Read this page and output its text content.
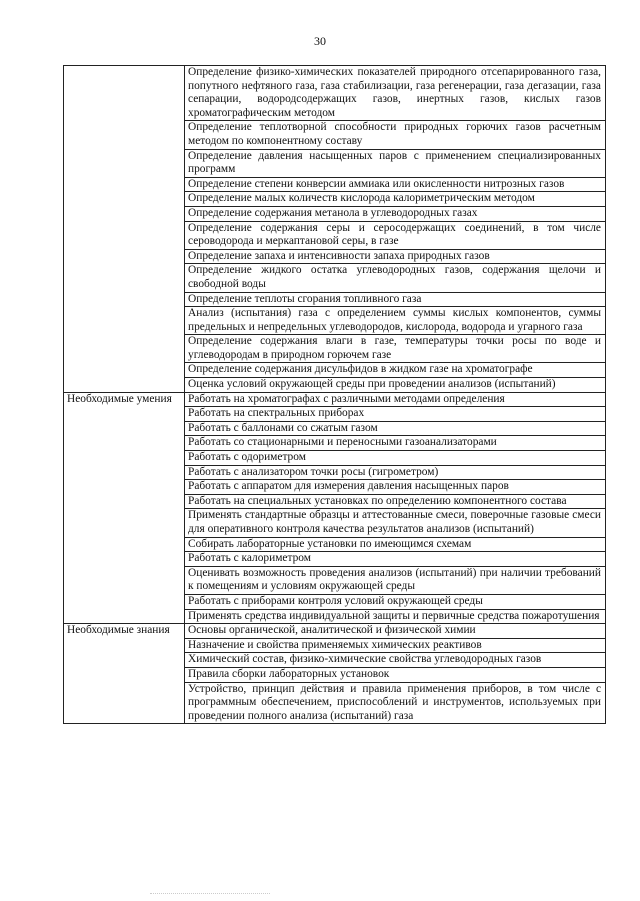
30
	Определение физико-химических показателей природного отсепарированного газа, попутного нефтяного газа, газа стабилизации, газа регенерации, газа дегазации, газа сепарации, водородсодержащих газов, инертных газов, кислых газов хроматографическим методом
	Определение теплотворной способности природных горючих газов расчетным методом по компонентному составу
	Определение давления насыщенных паров с применением специализированных программ
	Определение степени конверсии аммиака или окисленности нитрозных газов
	Определение малых количеств кислорода калориметрическим методом
	Определение содержания метанола в углеводородных газах
	Определение содержания серы и серосодержащих соединений, в том числе сероводорода и меркаптановой серы, в газе
	Определение запаха и интенсивности запаха природных газов
	Определение жидкого остатка углеводородных газов, содержания щелочи и свободной воды
	Определение теплоты сгорания топливного газа
	Анализ (испытания) газа с определением суммы кислых компонентов, суммы предельных и непредельных углеводородов, кислорода, водорода и угарного газа
	Определение содержания влаги в газе, температуры точки росы по воде и углеводородам в природном горючем газе
	Определение содержания дисульфидов в жидком газе на хроматографе
	Оценка условий окружающей среды при проведении анализов (испытаний)
Необходимые умения	Работать на хроматографах с различными методами определения
	Работать на спектральных приборах
	Работать с баллонами со сжатым газом
	Работать со стационарными и переносными газоанализаторами
	Работать с одориметром
	Работать с анализатором точки росы (гигрометром)
	Работать с аппаратом для измерения давления насыщенных паров
	Работать на специальных установках по определению компонентного состава
	Применять стандартные образцы и аттестованные смеси, поверочные газовые смеси для оперативного контроля качества результатов анализов (испытаний)
	Собирать лабораторные установки по имеющимся схемам
	Работать с калориметром
	Оценивать возможность проведения анализов (испытаний) при наличии требований к помещениям и условиям окружающей среды
	Работать с приборами контроля условий окружающей среды
	Применять средства индивидуальной защиты и первичные средства пожаротушения
Необходимые знания	Основы органической, аналитической и физической химии
	Назначение и свойства применяемых химических реактивов
	Химический состав, физико-химические свойства углеводородных газов
	Правила сборки лабораторных установок
	Устройство, принцип действия и правила применения приборов, в том числе с программным обеспечением, приспособлений и инструментов, используемых при проведении полного анализа (испытаний) газа
